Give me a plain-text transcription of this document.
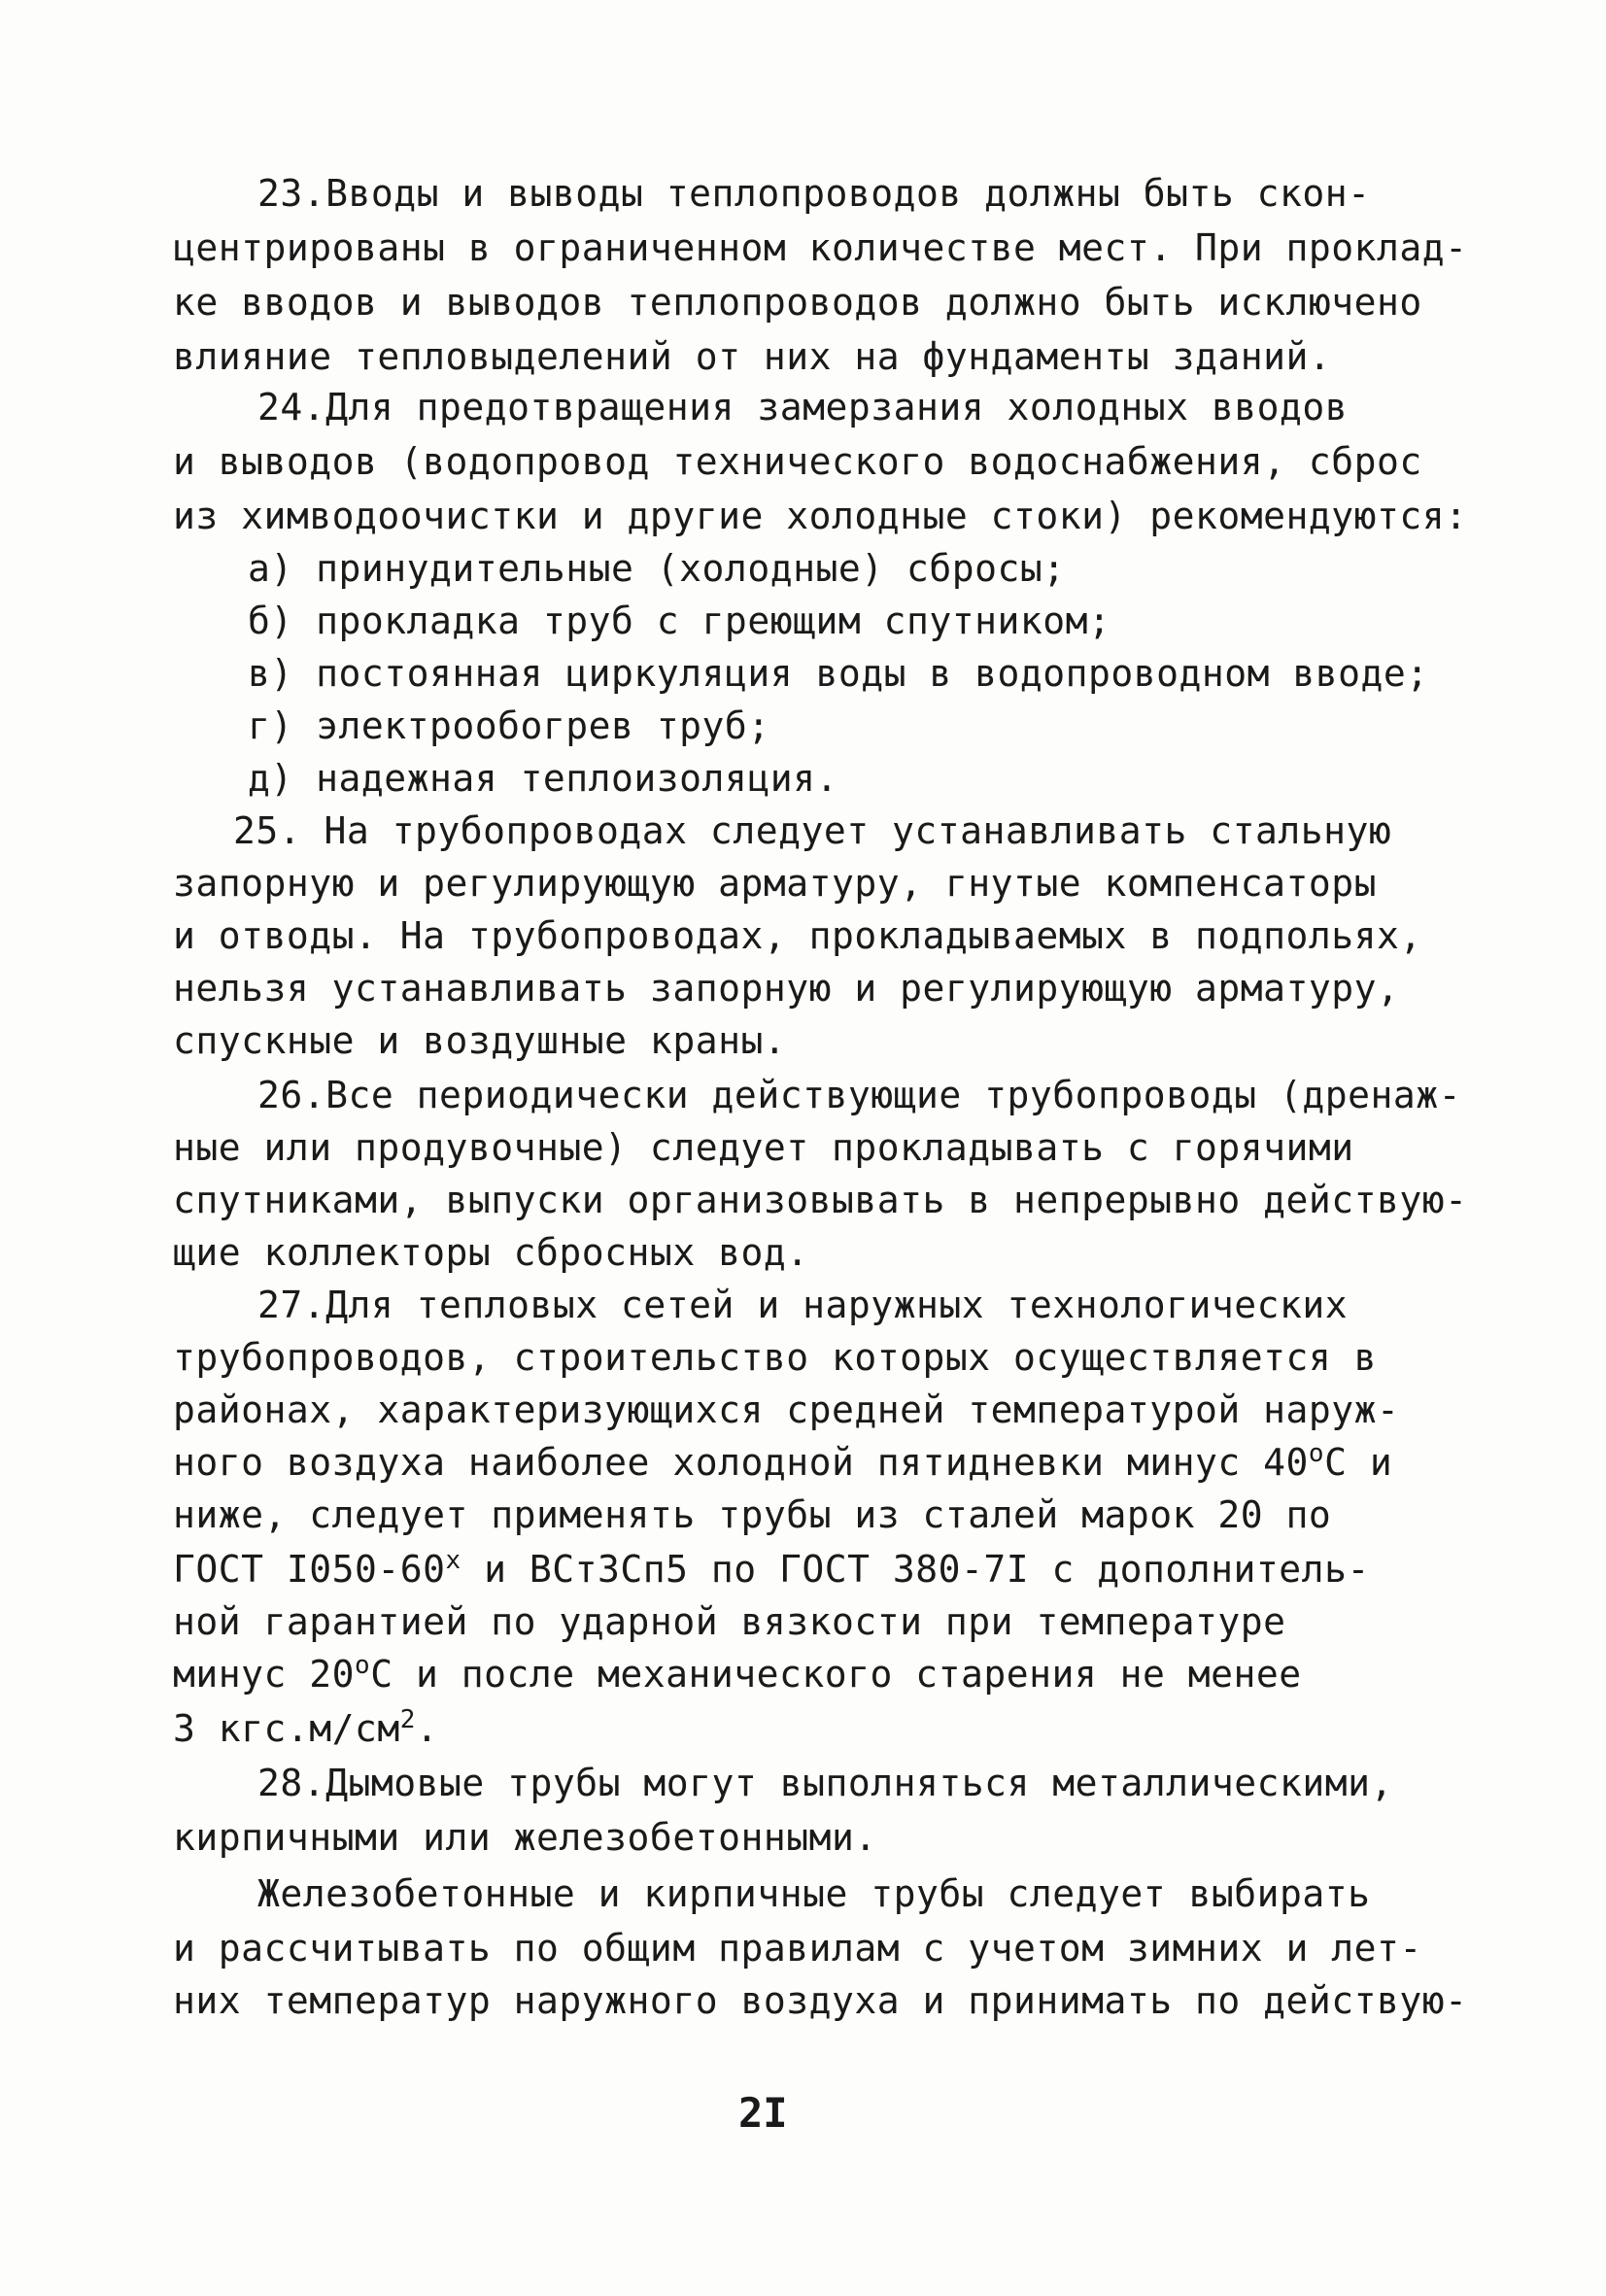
23.Вводы и выводы теплопроводов должны быть скон-
центрированы в ограниченном количестве мест. При проклад-
ке вводов и выводов теплопроводов должно быть исключено
влияние тепловыделений от них на фундаменты зданий.
24.Для предотвращения замерзания холодных вводов
и выводов (водопровод технического водоснабжения, сброс
из химводоочистки и другие холодные стоки) рекомендуются:
а) принудительные (холодные) сбросы;
б) прокладка труб с греющим спутником;
в) постоянная циркуляция воды в водопроводном вводе;
г) электрообогрев труб;
д) надежная теплоизоляция.
25. На трубопроводах следует устанавливать стальную
запорную и регулирующую арматуру, гнутые компенсаторы
и отводы. На трубопроводах, прокладываемых в подпольях,
нельзя устанавливать запорную и регулирующую арматуру,
спускные и воздушные краны.
26.Все периодически действующие трубопроводы (дренаж-
ные или продувочные) следует прокладывать с горячими
спутниками, выпуски организовывать в непрерывно действую-
щие коллекторы сбросных вод.
27.Для тепловых сетей и наружных технологических
трубопроводов, строительство которых осуществляется в
районах, характеризующихся средней температурой наруж-
ного воздуха наиболее холодной пятидневки минус $40^оС$ и
ниже, следует применять трубы из сталей марок 20 по
ГОСТ $I050-60^х$ и ВСт3Сп5 по ГОСТ 380-7I с дополнитель-
ной гарантией по ударной вязкости при температуре
минус $20^оС$ и после механического старения не менее
3 $кгс.м/см^2$.
28.Дымовые трубы могут выполняться металлическими,
кирпичными или железобетонными.
Железобетонные и кирпичные трубы следует выбирать
и рассчитывать по общим правилам с учетом зимних и лет-
них температур наружного воздуха и принимать по действую-
2I
